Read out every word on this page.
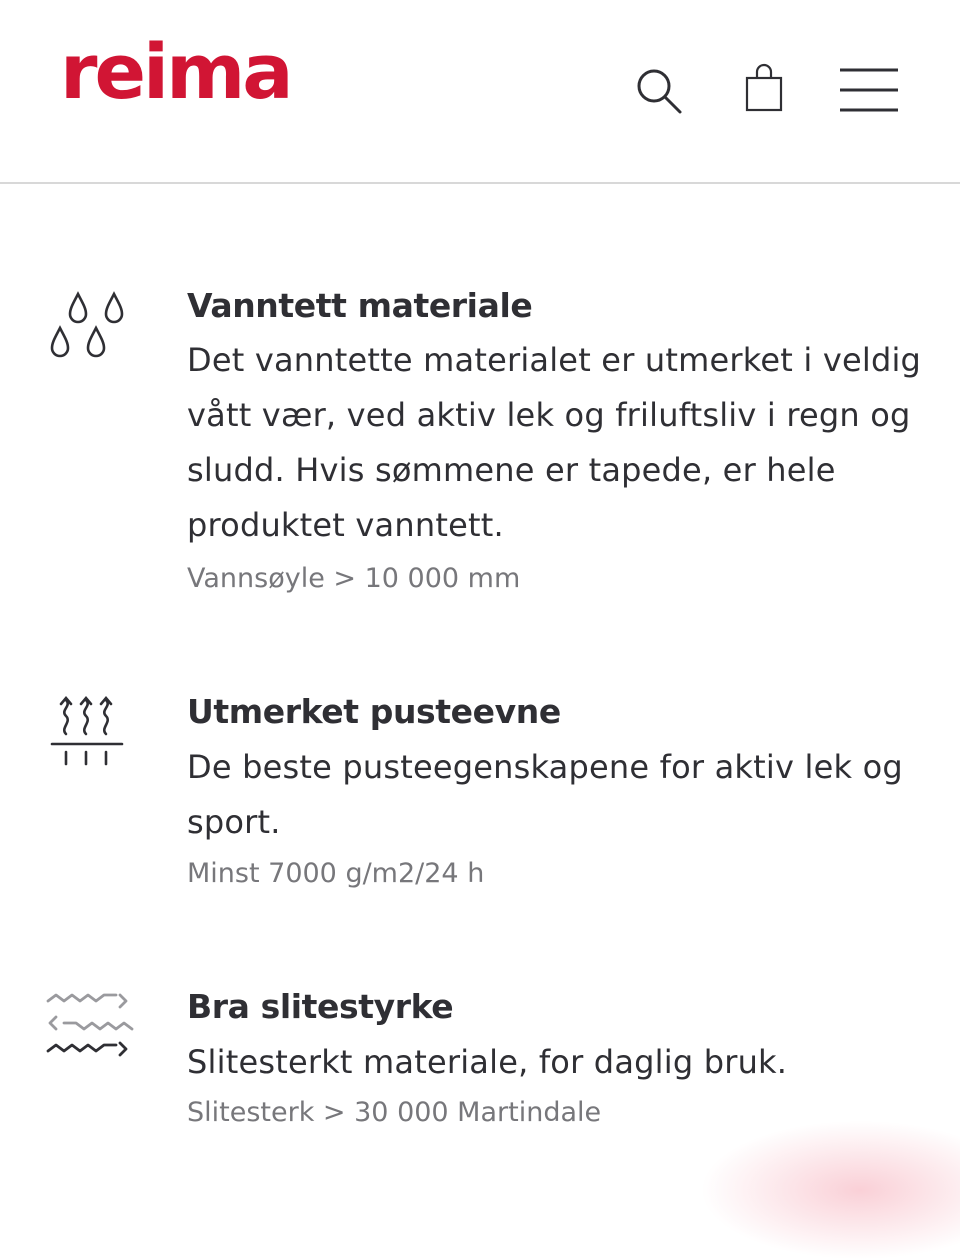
reima
Vanntett materiale
Det vanntette materialet er utmerket i veldig vått vær, ved aktiv lek og friluftsliv i regn og sludd. Hvis sømmene er tapede, er hele produktet vanntett.
Vannsøyle > 10 000 mm
Utmerket pusteevne
De beste pusteegenskapene for aktiv lek og sport.
Minst 7000 g/m2/24 h
Bra slitestyrke
Slitesterkt materiale, for daglig bruk.
Slitesterk > 30 000 Martindale
